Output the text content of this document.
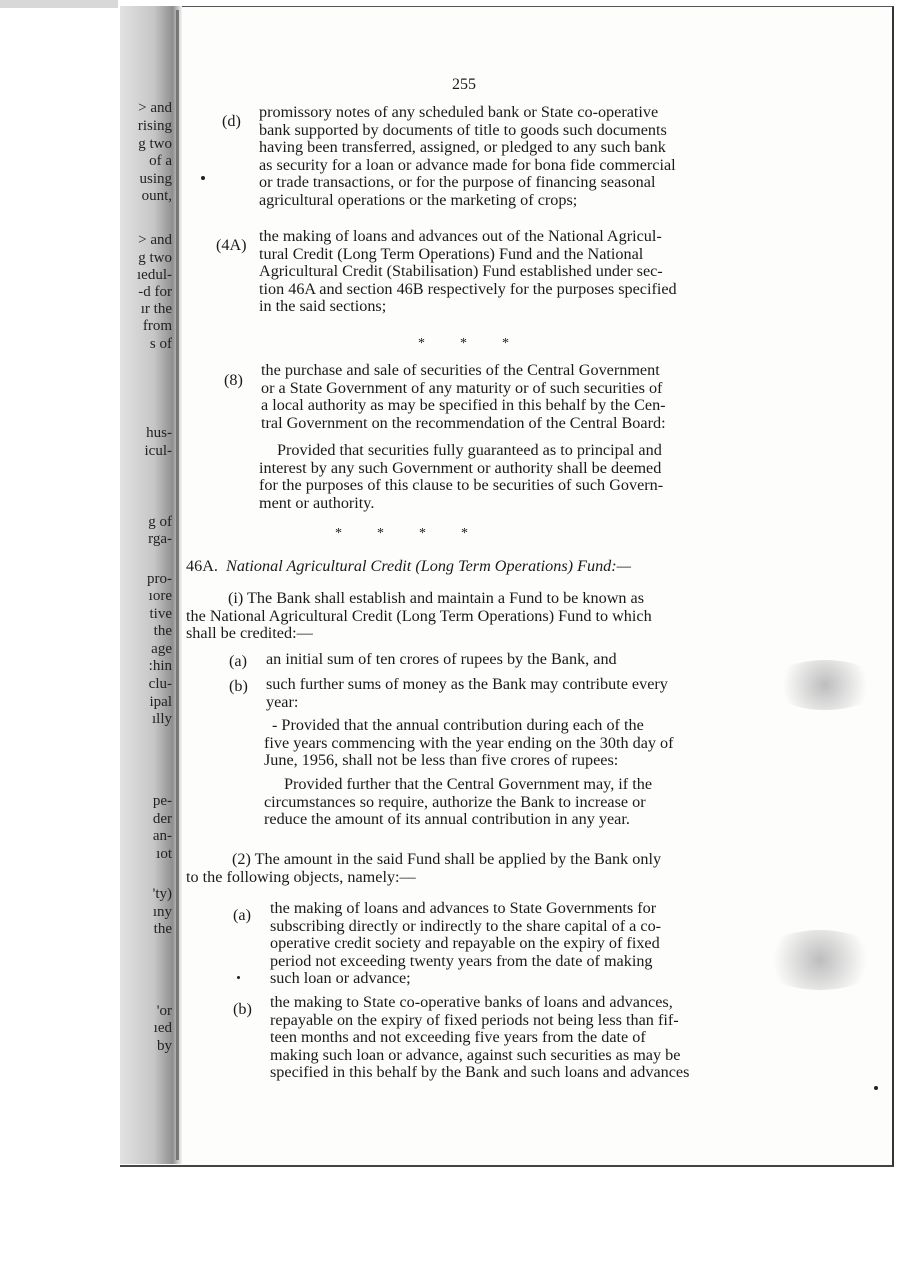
> and
rising
g two
of a
using
ount,
> and
g two
ıedul-
-d for
ır the
from
s of
hus-
icul-
g of
rga-
pro-
ıore
tive
the
age
:hin
clu-
ipal
ılly
pe-
der
an-
ıot
'ty)
ıny
the
'or
ıed
by
255
(d) promissory notes of any scheduled bank or State co-operative
bank supported by documents of title to goods such documents
having been transferred, assigned, or pledged to any such bank
as security for a loan or advance made for bona fide commercial
or trade transactions, or for the purpose of financing seasonal
agricultural operations or the marketing of crops;
(4A) the making of loans and advances out of the National Agricul-
tural Credit (Long Term Operations) Fund and the National
Agricultural Credit (Stabilisation) Fund established under sec-
tion 46A and section 46B respectively for the purposes specified
in the said sections;
*          *          *
(8)
the purchase and sale of securities of the Central Government
or a State Government of any maturity or of such securities of
a local authority as may be specified in this behalf by the Cen-
tral Government on the recommendation of the Central Board:
Provided that securities fully guaranteed as to principal and
interest by any such Government or authority shall be deemed
for the purposes of this clause to be securities of such Govern-
ment or authority.
*          *          *          *
46A. National Agricultural Credit (Long Term Operations) Fund:—
(i) The Bank shall establish and maintain a Fund to be known as
the National Agricultural Credit (Long Term Operations) Fund to which
shall be credited:—
(a) an initial sum of ten crores of rupees by the Bank, and
(b) such further sums of money as the Bank may contribute every
year:
- Provided that the annual contribution during each of the
five years commencing with the year ending on the 30th day of
June, 1956, shall not be less than five crores of rupees:
Provided further that the Central Government may, if the
circumstances so require, authorize the Bank to increase or
reduce the amount of its annual contribution in any year.
(2) The amount in the said Fund shall be applied by the Bank only
to the following objects, namely:—
(a) the making of loans and advances to State Governments for
subscribing directly or indirectly to the share capital of a co-
operative credit society and repayable on the expiry of fixed
period not exceeding twenty years from the date of making
such loan or advance;
(b) the making to State co-operative banks of loans and advances,
repayable on the expiry of fixed periods not being less than fif-
teen months and not exceeding five years from the date of
making such loan or advance, against such securities as may be
specified in this behalf by the Bank and such loans and advances
